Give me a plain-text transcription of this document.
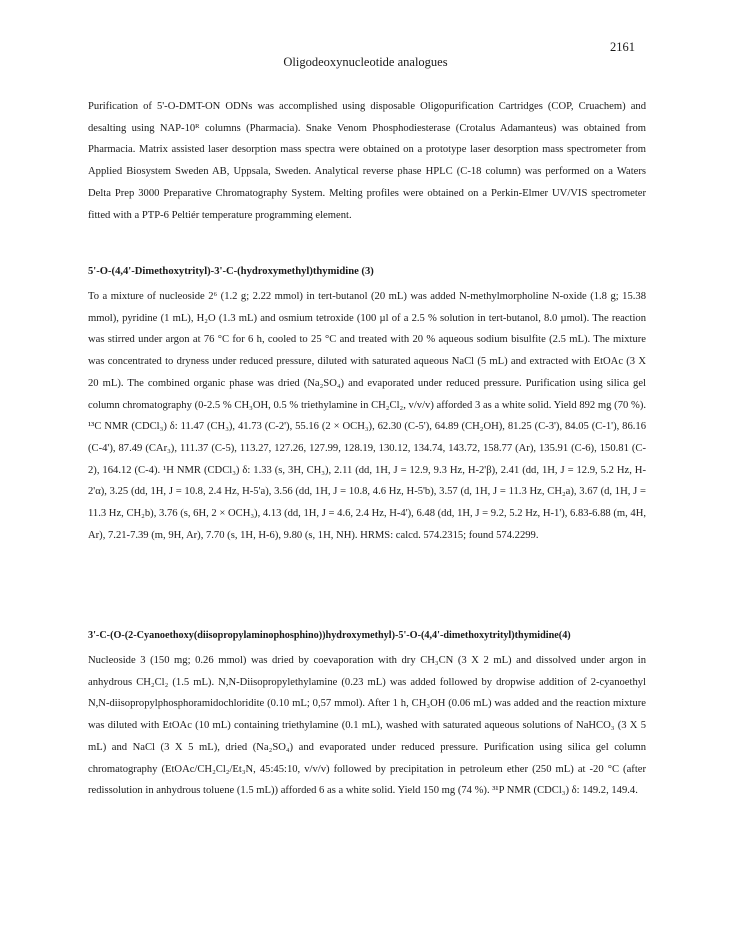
2161
Oligodeoxynucleotide analogues

Purification of 5'-O-DMT-ON ODNs was accomplished using disposable Oligopurification Cartridges (COP, Cruachem) and desalting using NAP-10ᴿ columns (Pharmacia). Snake Venom Phosphodiesterase (Crotalus Adamanteus) was obtained from Pharmacia. Matrix assisted laser desorption mass spectra were obtained on a prototype laser desorption mass spectrometer from Applied Biosystem Sweden AB, Uppsala, Sweden. Analytical reverse phase HPLC (C-18 column) was performed on a Waters Delta Prep 3000 Preparative Chromatography System. Melting profiles were obtained on a Perkin-Elmer UV/VIS spectrometer fitted with a PTP-6 Peltiér temperature programming element.

5'-O-(4,4'-Dimethoxytrityl)-3'-C-(hydroxymethyl)thymidine (3)

To a mixture of nucleoside 2⁶ (1.2 g; 2.22 mmol) in tert-butanol (20 mL) was added N-methylmorpholine N-oxide (1.8 g; 15.38 mmol), pyridine (1 mL), H₂O (1.3 mL) and osmium tetroxide (100 µl of a 2.5 % solution in tert-butanol, 8.0 µmol). The reaction was stirred under argon at 76 °C for 6 h, cooled to 25 °C and treated with 20 % aqueous sodium bisulfite (2.5 mL). The mixture was concentrated to dryness under reduced pressure, diluted with saturated aqueous NaCl (5 mL) and extracted with EtOAc (3 X 20 mL). The combined organic phase was dried (Na₂SO₄) and evaporated under reduced pressure. Purification using silica gel column chromatography (0-2.5 % CH₃OH, 0.5 % triethylamine in CH₂Cl₂, v/v/v) afforded 3 as a white solid. Yield 892 mg (70 %). ¹³C NMR (CDCl₃) δ: 11.47 (CH₃), 41.73 (C-2'), 55.16 (2 × OCH₃), 62.30 (C-5'), 64.89 (CH₂OH), 81.25 (C-3'), 84.05 (C-1'), 86.16 (C-4'), 87.49 (CAr₃), 111.37 (C-5), 113.27, 127.26, 127.99, 128.19, 130.12, 134.74, 143.72, 158.77 (Ar), 135.91 (C-6), 150.81 (C-2), 164.12 (C-4). ¹H NMR (CDCl₃) δ: 1.33 (s, 3H, CH₃), 2.11 (dd, 1H, J = 12.9, 9.3 Hz, H-2'β), 2.41 (dd, 1H, J = 12.9, 5.2 Hz, H-2'α), 3.25 (dd, 1H, J = 10.8, 2.4 Hz, H-5'a), 3.56 (dd, 1H, J = 10.8, 4.6 Hz, H-5'b), 3.57 (d, 1H, J = 11.3 Hz, CH₂a), 3.67 (d, 1H, J = 11.3 Hz, CH₂b), 3.76 (s, 6H, 2 × OCH₃), 4.13 (dd, 1H, J = 4.6, 2.4 Hz, H-4'), 6.48 (dd, 1H, J = 9.2, 5.2 Hz, H-1'), 6.83-6.88 (m, 4H, Ar), 7.21-7.39 (m, 9H, Ar), 7.70 (s, 1H, H-6), 9.80 (s, 1H, NH). HRMS: calcd. 574.2315; found 574.2299.

3'-C-(O-(2-Cyanoethoxy(diisopropylaminophosphino))hydroxymethyl)-5'-O-(4,4'-dimethoxytrityl)thymidine(4)

Nucleoside 3 (150 mg; 0.26 mmol) was dried by coevaporation with dry CH₃CN (3 X 2 mL) and dissolved under argon in anhydrous CH₂Cl₂ (1.5 mL). N,N-Diisopropylethylamine (0.23 mL) was added followed by dropwise addition of 2-cyanoethyl N,N-diisopropylphosphoramidochloridite (0.10 mL; 0,57 mmol). After 1 h, CH₃OH (0.06 mL) was added and the reaction mixture was diluted with EtOAc (10 mL) containing triethylamine (0.1 mL), washed with saturated aqueous solutions of NaHCO₃ (3 X 5 mL) and NaCl (3 X 5 mL), dried (Na₂SO₄) and evaporated under reduced pressure. Purification using silica gel column chromatography (EtOAc/CH₂Cl₂/Et₃N, 45:45:10, v/v/v) followed by precipitation in petroleum ether (250 mL) at -20 °C (after redissolution in anhydrous toluene (1.5 mL)) afforded 6 as a white solid. Yield 150 mg (74 %). ³¹P NMR (CDCl₃) δ: 149.2, 149.4.
